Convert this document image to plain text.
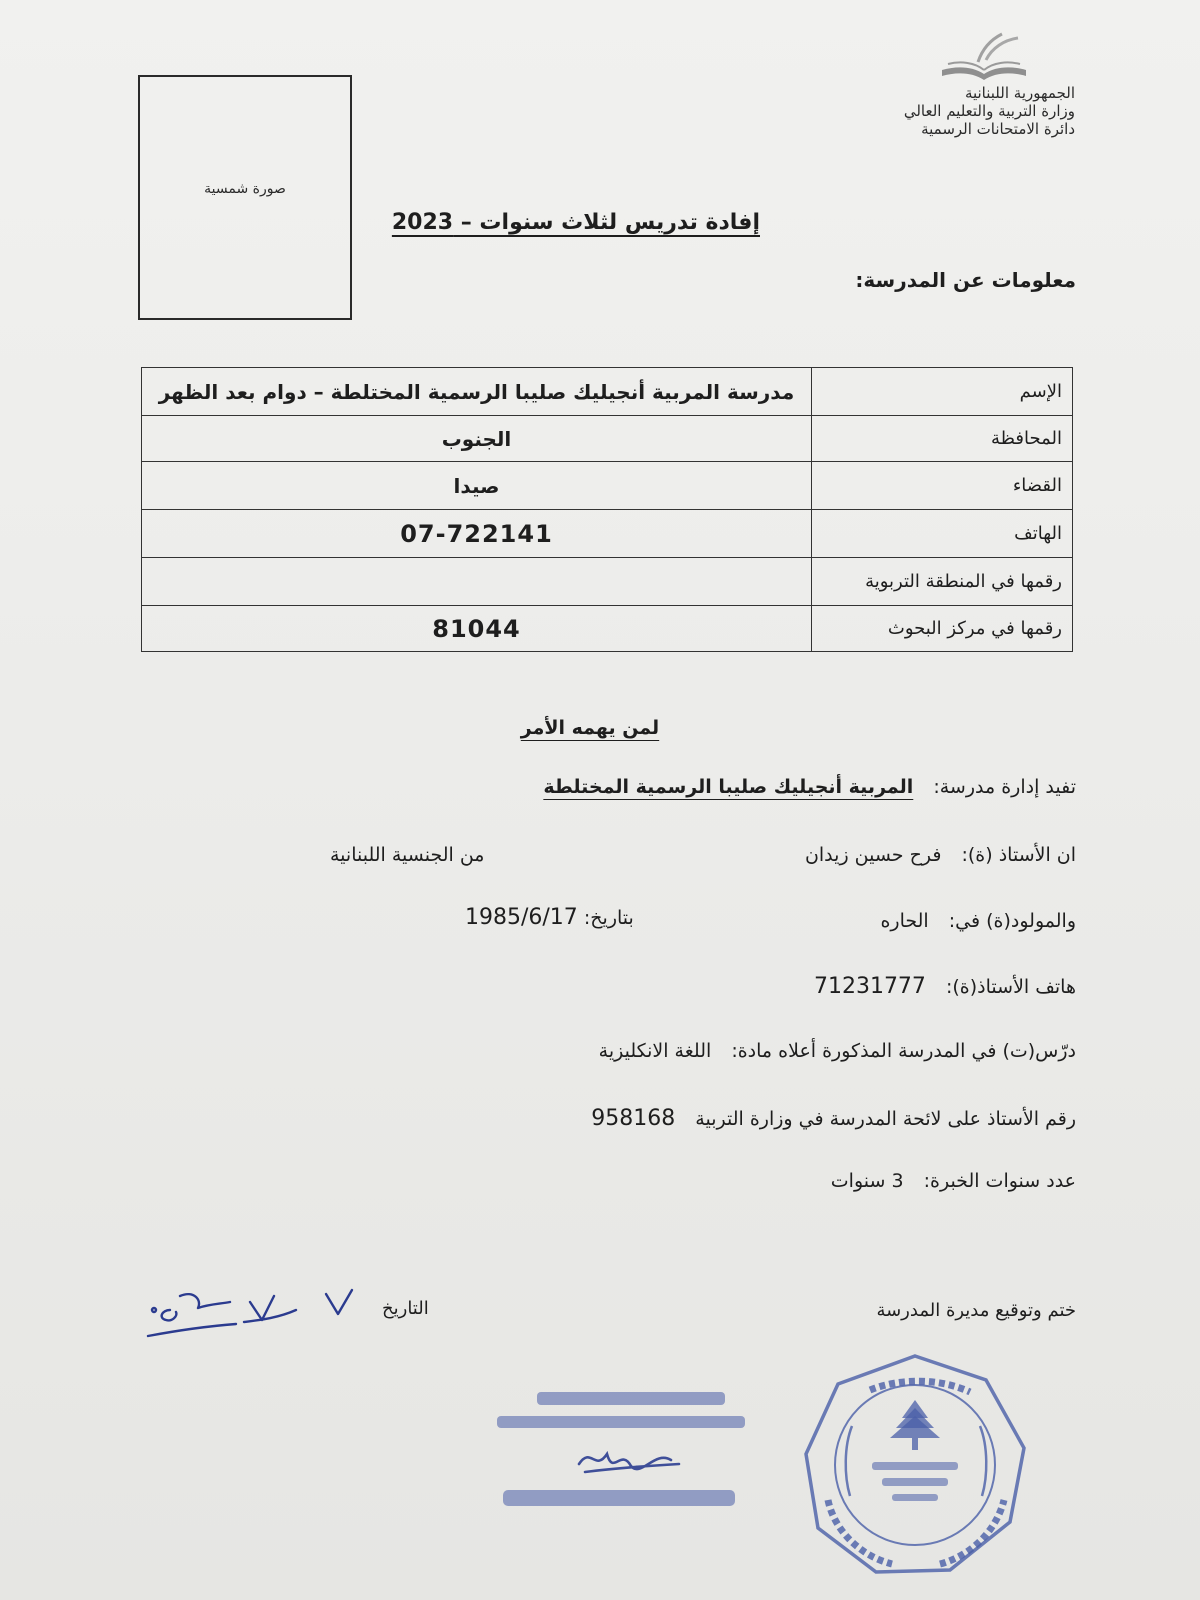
الجمهورية اللبنانية
وزارة التربية والتعليم العالي
دائرة الامتحانات الرسمية
صورة شمسية
إفادة تدريس لثلاث سنوات – 2023
معلومات عن المدرسة:
الإسم	مدرسة المربية أنجيليك صليبا الرسمية المختلطة – دوام بعد الظهر
المحافظة	الجنوب
القضاء	صيدا
الهاتف	07-722141
رقمها في المنطقة التربوية	
رقمها في مركز البحوث	81044
لمن يهمه الأمر
تفيد إدارة مدرسة: المربية أنجيليك صليبا الرسمية المختلطة
ان الأستاذ (ة): فرح حسين زيدان
من الجنسية اللبنانية
والمولود(ة) في: الحاره
بتاريخ: 1985/6/17
هاتف الأستاذ(ة): 71231777
درّس(ت) في المدرسة المذكورة أعلاه مادة: اللغة الانكليزية
رقم الأستاذ على لائحة المدرسة في وزارة التربية 958168
عدد سنوات الخبرة: 3 سنوات
ختم وتوقيع مديرة المدرسة
التاريخ
